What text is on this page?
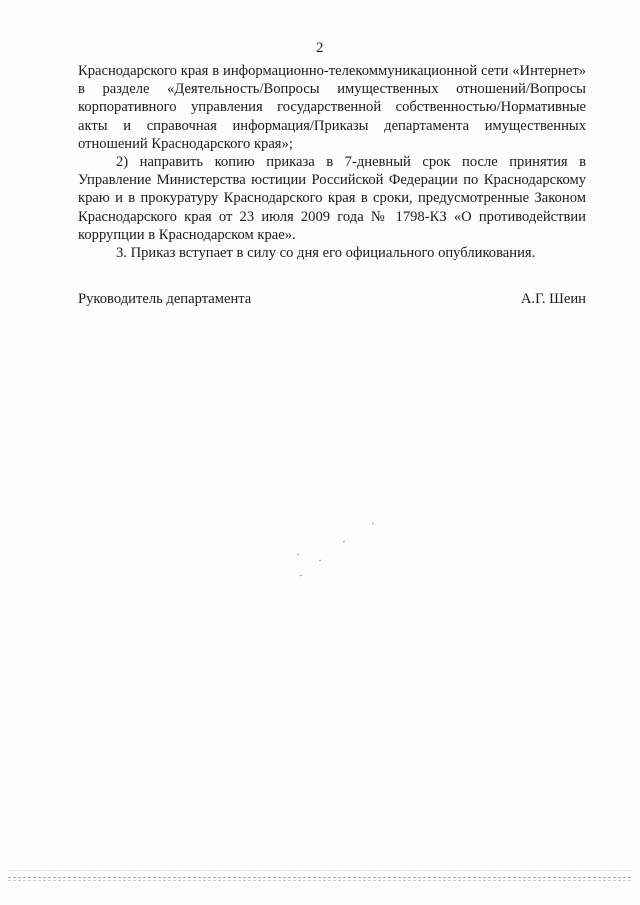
2

Краснодарского края в информационно-телекоммуникационной сети «Интернет» в разделе «Деятельность/Вопросы имущественных отношений/Вопросы корпоративного управления государственной собственностью/Нормативные акты и справочная информация/Приказы департамента имущественных отношений Краснодарского края»;

2) направить копию приказа в 7-дневный срок после принятия в Управление Министерства юстиции Российской Федерации по Краснодарскому краю и в прокуратуру Краснодарского края в сроки, предусмотренные Законом Краснодарского края от 23 июля 2009 года № 1798-КЗ «О противодействии коррупции в Краснодарском крае».

3. Приказ вступает в силу со дня его официального опубликования.

Руководитель департамента	А.Г. Шеин
